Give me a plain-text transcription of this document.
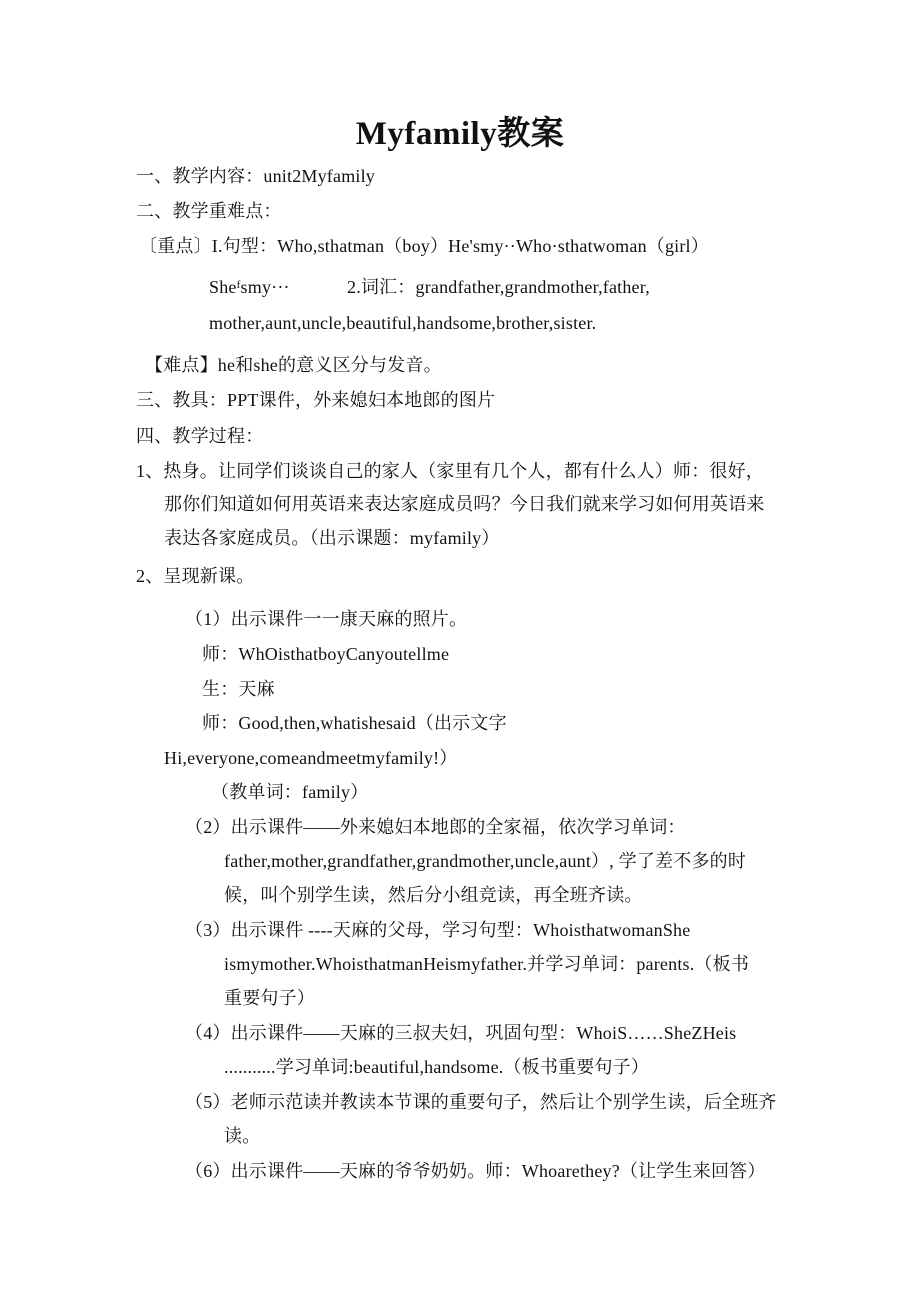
Myfamily教案
一、教学内容：unit2Myfamily
二、教学重难点：
〔重点〕I.句型：Who,sthatman（boy）He'smy··Who·sthatwoman（girl）
Sheᶠsmy···	2.词汇：grandfather,grandmother,father,
mother,aunt,uncle,beautiful,handsome,brother,sister.
【难点】he和she的意义区分与发音。
三、教具：PPT课件，外来媳妇本地郎的图片
四、教学过程：
1、热身。让同学们谈谈自己的家人（家里有几个人，都有什么人）师：很好，
那你们知道如何用英语来表达家庭成员吗？今日我们就来学习如何用英语来
表达各家庭成员。（出示课题：myfamily）
2、呈现新课。
（1）出示课件一一康天麻的照片。
师：WhOisthatboyCanyoutellme
生：天麻
师：Good,then,whatishesaid（出示文字
Hi,everyone,comeandmeetmyfamily!）
（教单词：family）
（2）出示课件——外来媳妇本地郎的全家福，依次学习单词：
father,mother,grandfather,grandmother,uncle,aunt）, 学了差不多的时
候，叫个别学生读，然后分小组竞读，再全班齐读。
（3）出示课件 ----天麻的父母，学习句型：WhoisthatwomanShe
ismymother.WhoisthatmanHeismyfather.并学习单词：parents.（板书
重要句子）
（4）出示课件——天麻的三叔夫妇，巩固句型：WhoiS……SheZHeis
...........学习单词:beautiful,handsome.（板书重要句子）
（5）老师示范读并教读本节课的重要句子，然后让个别学生读，后全班齐
读。
（6）出示课件——天麻的爷爷奶奶。师：Whoarethey?（让学生来回答）
